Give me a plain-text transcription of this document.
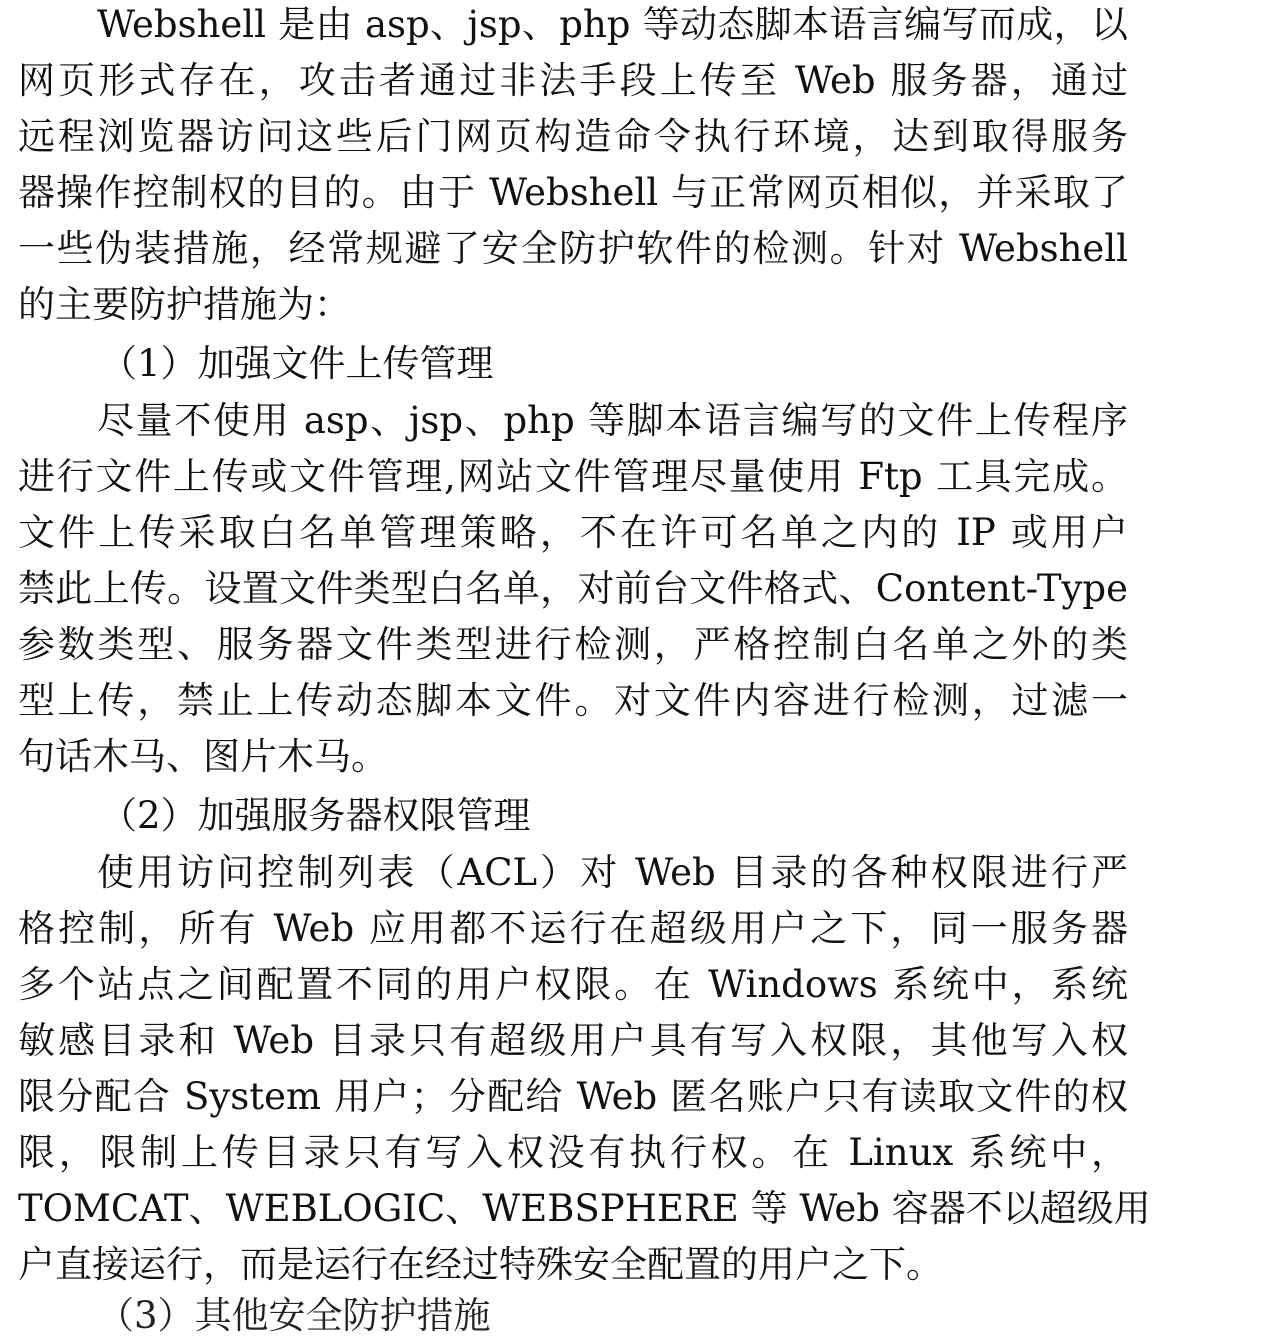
Webshell 是由 asp、jsp、php 等动态脚本语言编写而成，以
网页形式存在，攻击者通过非法手段上传至 Web 服务器，通过
远程浏览器访问这些后门网页构造命令执行环境，达到取得服务
器操作控制权的目的。由于 Webshell 与正常网页相似，并采取了
一些伪装措施，经常规避了安全防护软件的检测。针对 Webshell
的主要防护措施为：
（1）加强文件上传管理
尽量不使用 asp、jsp、php 等脚本语言编写的文件上传程序
进行文件上传或文件管理,网站文件管理尽量使用 Ftp 工具完成。
文件上传采取白名单管理策略，不在许可名单之内的 IP 或用户
禁此上传。设置文件类型白名单，对前台文件格式、Content-Type
参数类型、服务器文件类型进行检测，严格控制白名单之外的类
型上传，禁止上传动态脚本文件。对文件内容进行检测，过滤一
句话木马、图片木马。
（2）加强服务器权限管理
使用访问控制列表（ACL）对 Web 目录的各种权限进行严
格控制，所有 Web 应用都不运行在超级用户之下，同一服务器
多个站点之间配置不同的用户权限。在 Windows 系统中，系统
敏感目录和 Web 目录只有超级用户具有写入权限，其他写入权
限分配合 System 用户；分配给 Web 匿名账户只有读取文件的权
限，限制上传目录只有写入权没有执行权。在 Linux 系统中，
TOMCAT、WEBLOGIC、WEBSPHERE 等 Web 容器不以超级用
户直接运行，而是运行在经过特殊安全配置的用户之下。
（3）其他安全防护措施
